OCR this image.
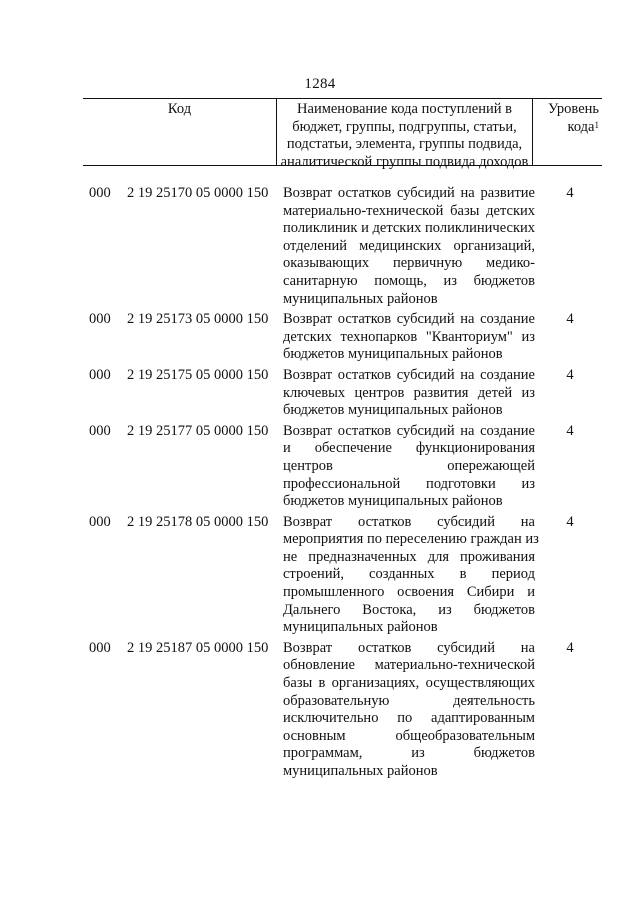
1284
Код	Наименование кода поступлений в
бюджет, группы, подгруппы, статьи,
подстатьи, элемента, группы подвида,
аналитической группы подвида доходов
Уровень
кода$^1$
000 2 19 25170 05 0000 150 Возврат остатков субсидий на развитие
материально-технической базы детских
поликлиник и детских поликлинических
отделений медицинских организаций,
оказывающих первичную медико-
санитарную помощь, из бюджетов
муниципальных районов
4
000 2 19 25173 05 0000 150 Возврат остатков субсидий на создание
детских технопарков "Кванториум" из
бюджетов муниципальных районов
4
000 2 19 25175 05 0000 150 Возврат остатков субсидий на создание
ключевых центров развития детей из
бюджетов муниципальных районов
4
000 2 19 25177 05 0000 150 Возврат остатков субсидий на создание
и обеспечение функционирования
центров опережающей
профессиональной подготовки из
бюджетов муниципальных районов
4
000 2 19 25178 05 0000 150 Возврат остатков субсидий на
мероприятия по переселению граждан из
не предназначенных для проживания
строений, созданных в период
промышленного освоения Сибири и
Дальнего Востока, из бюджетов
муниципальных районов
4
000 2 19 25187 05 0000 150 Возврат остатков субсидий на
обновление материально-технической
базы в организациях, осуществляющих
образовательную деятельность
исключительно по адаптированным
основным общеобразовательным
программам, из бюджетов
муниципальных районов
4
